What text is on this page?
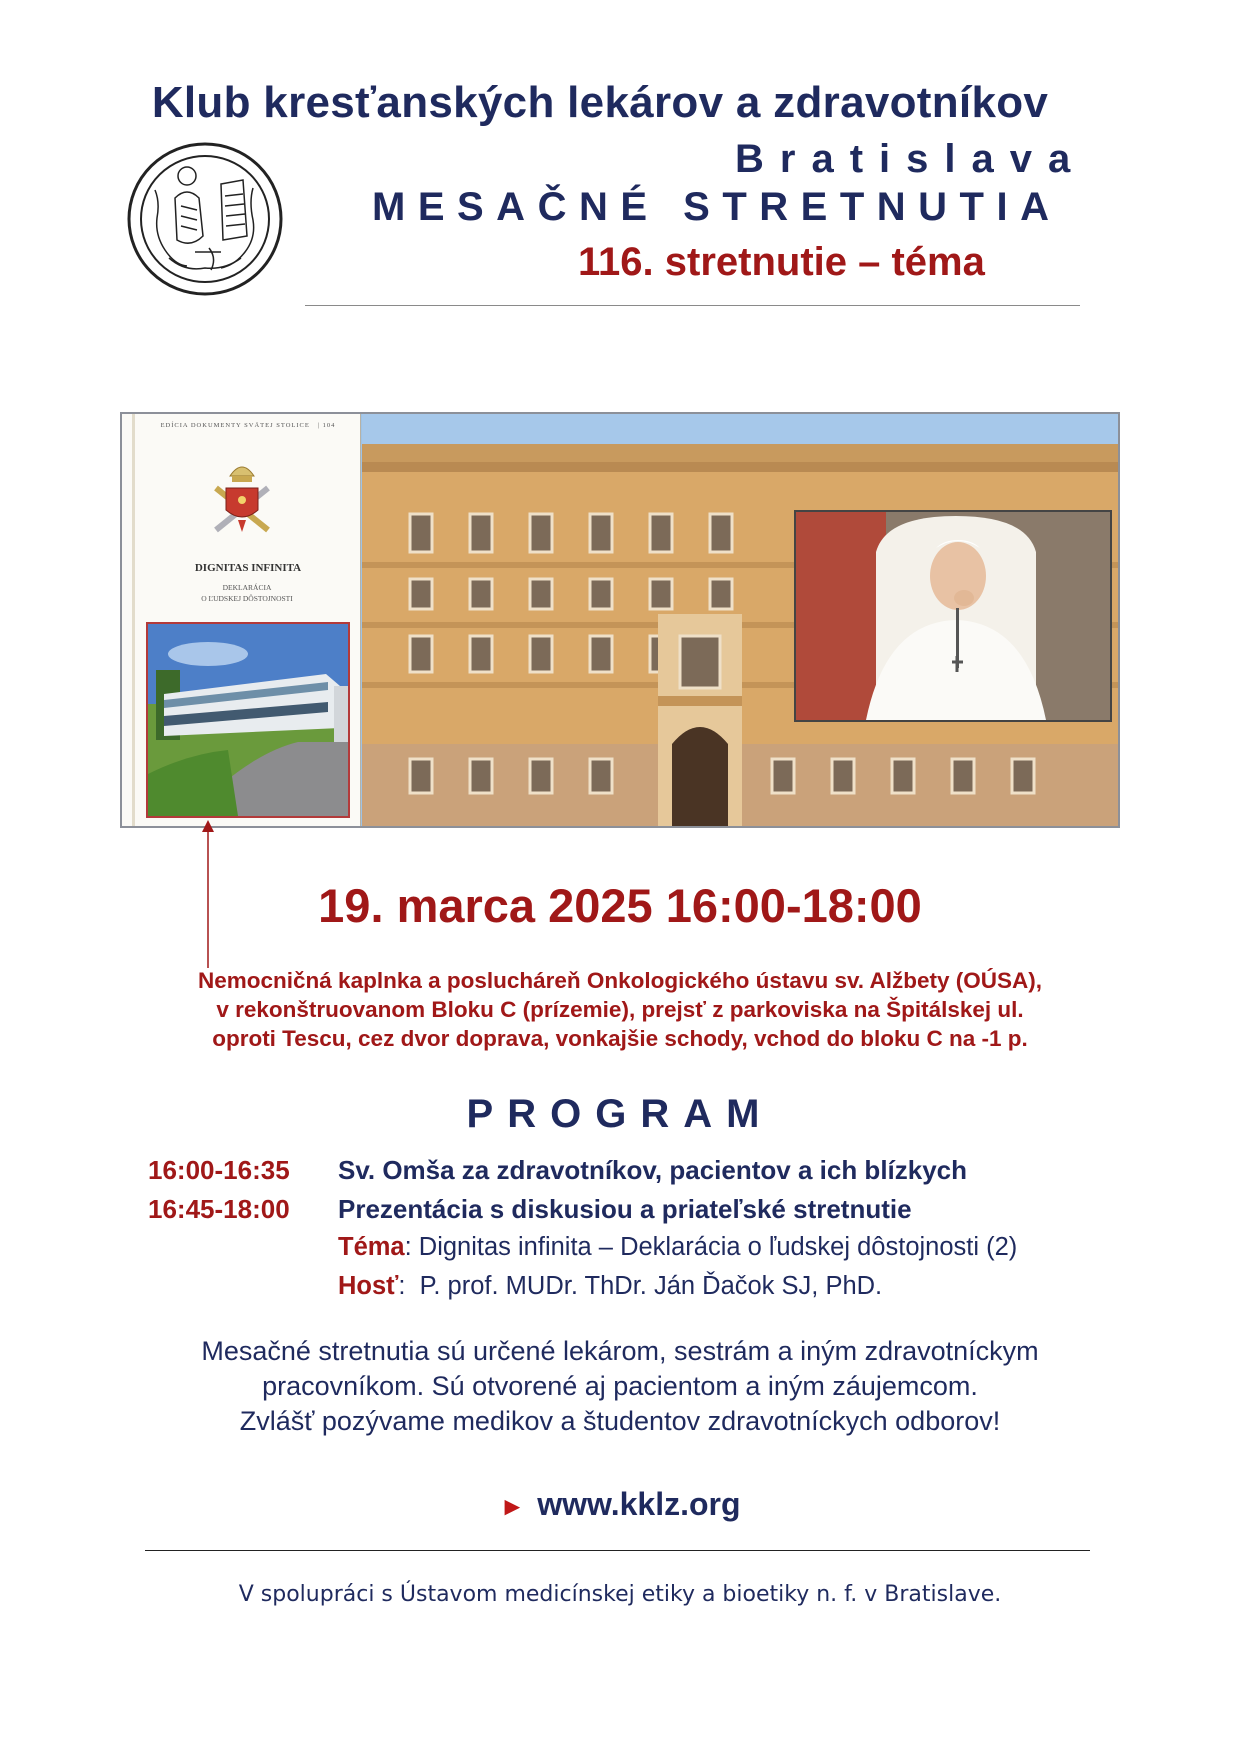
Klub kresťanských lekárov a zdravotníkov
Bratislava
MESAČNÉ STRETNUTIA
116. stretnutie – téma
EDÍCIA DOKUMENTY SVÄTEJ STOLICE   | 104
DIGNITAS INFINITA
DEKLARÁCIA
O ĽUDSKEJ DÔSTOJNOSTI
19. marca 2025 16:00-18:00
Nemocničná kaplnka a poslucháreň Onkologického ústavu sv. Alžbety (OÚSA),
v rekonštruovanom Bloku C (prízemie), prejsť z parkoviska na Špitálskej ul.
oproti Tescu, cez dvor doprava, vonkajšie schody, vchod do bloku C na -1 p.
PROGRAM
16:00-16:35 Sv. Omša za zdravotníkov, pacientov a ich blízkych
16:45-18:00 Prezentácia s diskusiou a priateľské stretnutie
Téma: Dignitas infinita – Deklarácia o ľudskej dôstojnosti (2)
Hosť:  P. prof. MUDr. ThDr. Ján Ďačok SJ, PhD.
Mesačné stretnutia sú určené lekárom, sestrám a iným zdravotníckym
pracovníkom. Sú otvorené aj pacientom a iným záujemcom.
Zvlášť pozývame medikov a študentov zdravotníckych odborov!
► www.kklz.org
V spolupráci s Ústavom medicínskej etiky a bioetiky n. f. v Bratislave.
